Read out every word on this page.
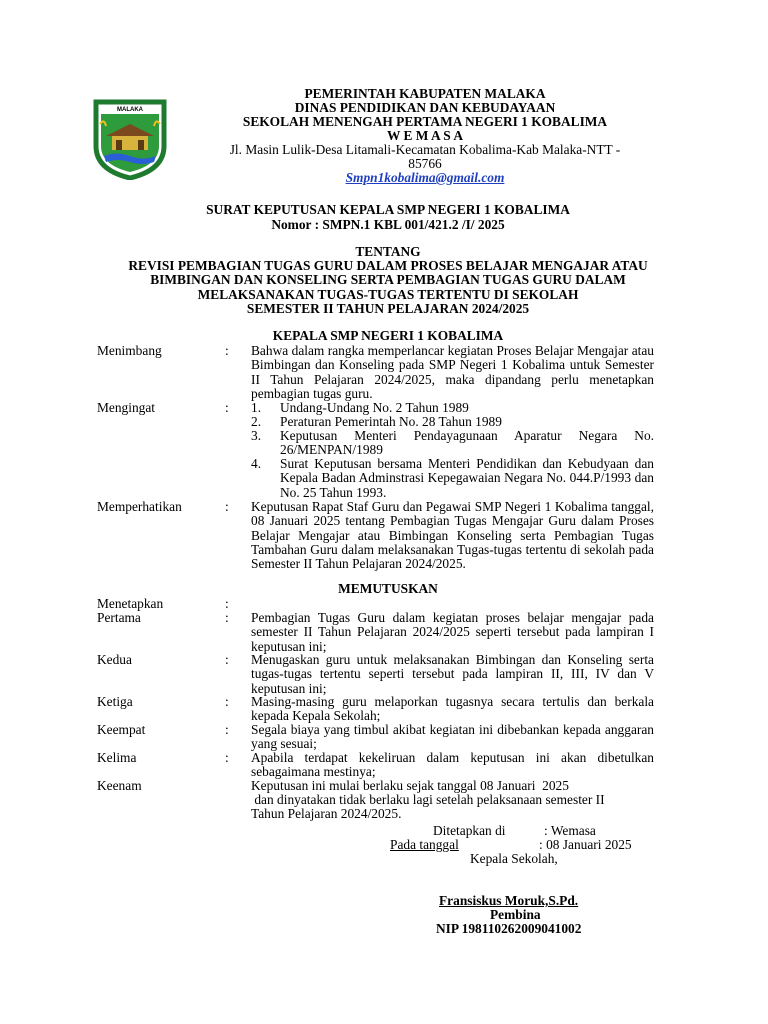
MALAKA
PEMERINTAH KABUPATEN MALAKA
DINAS PENDIDIKAN DAN KEBUDAYAAN
SEKOLAH MENENGAH PERTAMA NEGERI 1 KOBALIMA
W E M A S A
Jl. Masin Lulik-Desa Litamali-Kecamatan Kobalima-Kab Malaka-NTT -
85766
Smpn1kobalima@gmail.com
SURAT KEPUTUSAN KEPALA SMP NEGERI 1 KOBALIMA
Nomor : SMPN.1 KBL 001/421.2 /I/ 2025
TENTANG
REVISI PEMBAGIAN TUGAS GURU DALAM PROSES BELAJAR MENGAJAR ATAU
BIMBINGAN DAN KONSELING SERTA PEMBAGIAN TUGAS GURU DALAM
MELAKSANAKAN TUGAS-TUGAS TERTENTU DI SEKOLAH
SEMESTER II TAHUN PELAJARAN 2024/2025
KEPALA SMP NEGERI 1 KOBALIMA
Menimbang	: Bahwa dalam rangka memperlancar kegiatan Proses Belajar Mengajar atau Bimbingan dan Konseling pada SMP Negeri 1 Kobalima untuk Semester II Tahun Pelajaran 2024/2025, maka dipandang perlu menetapkan pembagian tugas guru.
Mengingat	: 1. Undang-Undang No. 2 Tahun 1989
2. Peraturan Pemerintah No. 28 Tahun 1989
3. Keputusan Menteri Pendayagunaan Aparatur Negara No. 26/MENPAN/1989
4. Surat Keputusan bersama Menteri Pendidikan dan Kebudyaan dan Kepala Badan Adminstrasi Kepegawaian Negara No. 044.P/1993 dan No. 25 Tahun 1993.
Memperhatikan	: Keputusan Rapat Staf Guru dan Pegawai SMP Negeri 1 Kobalima tanggal, 08 Januari 2025 tentang Pembagian Tugas Mengajar Guru dalam Proses Belajar Mengajar atau Bimbingan Konseling serta Pembagian Tugas Tambahan Guru dalam melaksanakan Tugas-tugas tertentu di sekolah pada Semester II Tahun Pelajaran 2024/2025.
MEMUTUSKAN
Menetapkan	:
Pertama	: Pembagian Tugas Guru dalam kegiatan proses belajar mengajar pada semester II Tahun Pelajaran 2024/2025 seperti tersebut pada lampiran I keputusan ini;
Kedua	: Menugaskan guru untuk melaksanakan Bimbingan dan Konseling serta tugas-tugas tertentu seperti tersebut pada lampiran II, III, IV dan V keputusan ini;
Ketiga	: Masing-masing guru melaporkan tugasnya secara tertulis dan berkala kepada Kepala Sekolah;
Keempat	: Segala biaya yang timbul akibat kegiatan ini dibebankan kepada anggaran yang sesuai;
Kelima	: Apabila terdapat kekeliruan dalam keputusan ini akan dibetulkan sebagaimana mestinya;
Keenam	Keputusan ini mulai berlaku sejak tanggal 08 Januari  2025
dan dinyatakan tidak berlaku lagi setelah pelaksanaan semester II
Tahun Pelajaran 2024/2025.
Ditetapkan di	: Wemasa
Pada tanggal	: 08 Januari 2025
Kepala Sekolah,
Fransiskus Moruk,S.Pd.
Pembina
NIP 198110262009041002
